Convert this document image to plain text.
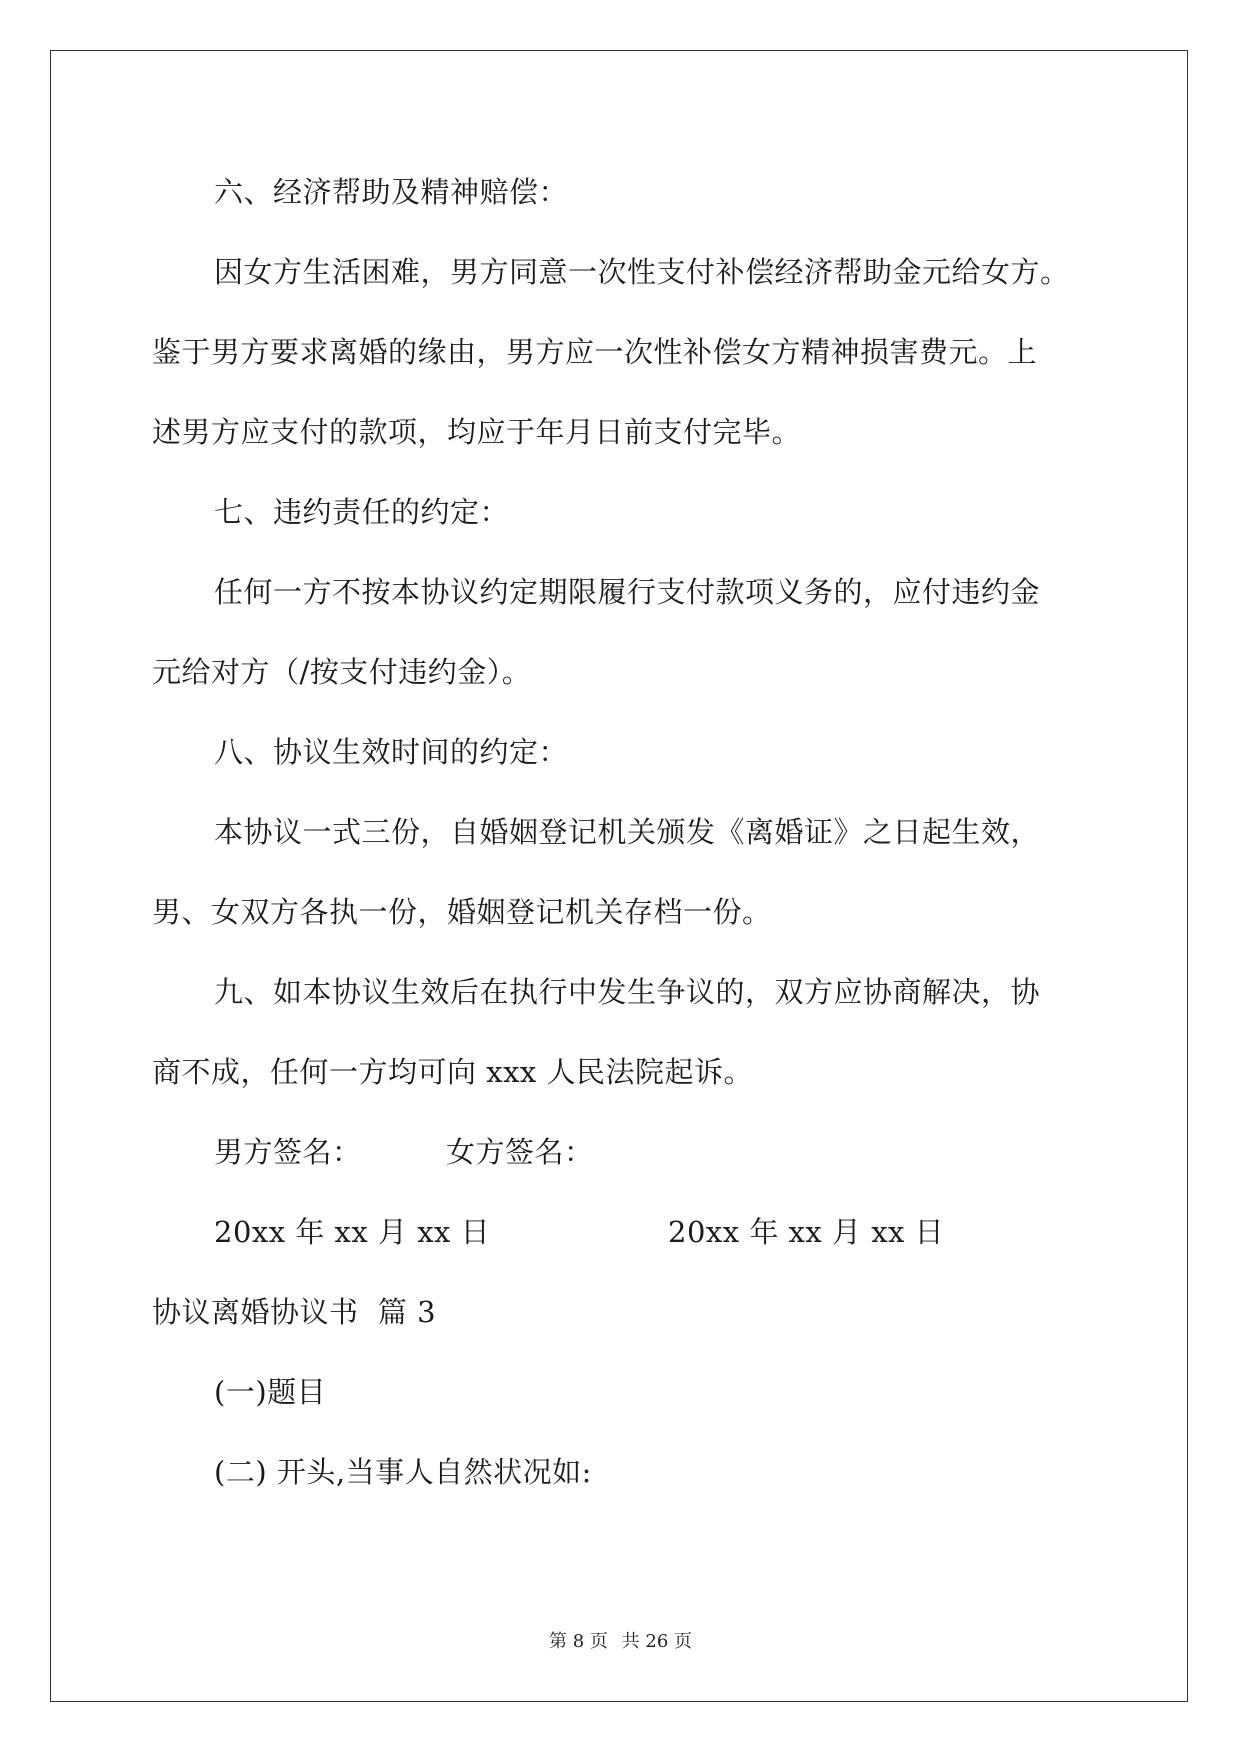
六、经济帮助及精神赔偿：
因女方生活困难，男方同意一次性支付补偿经济帮助金元给女方。
鉴于男方要求离婚的缘由，男方应一次性补偿女方精神损害费元。上
述男方应支付的款项，均应于年月日前支付完毕。
七、违约责任的约定：
任何一方不按本协议约定期限履行支付款项义务的，应付违约金
元给对方（/按支付违约金）。
八、协议生效时间的约定：
本协议一式三份，自婚姻登记机关颁发《离婚证》之日起生效，
男、女双方各执一份，婚姻登记机关存档一份。
九、如本协议生效后在执行中发生争议的，双方应协商解决，协
商不成，任何一方均可向 xxx 人民法院起诉。
男方签名：	女方签名：
20xx 年 xx 月 xx 日	20xx 年 xx 月 xx 日
协议离婚协议书  篇 3
(一)题目
(二) 开头,当事人自然状况如:
第 8 页 共 26 页
